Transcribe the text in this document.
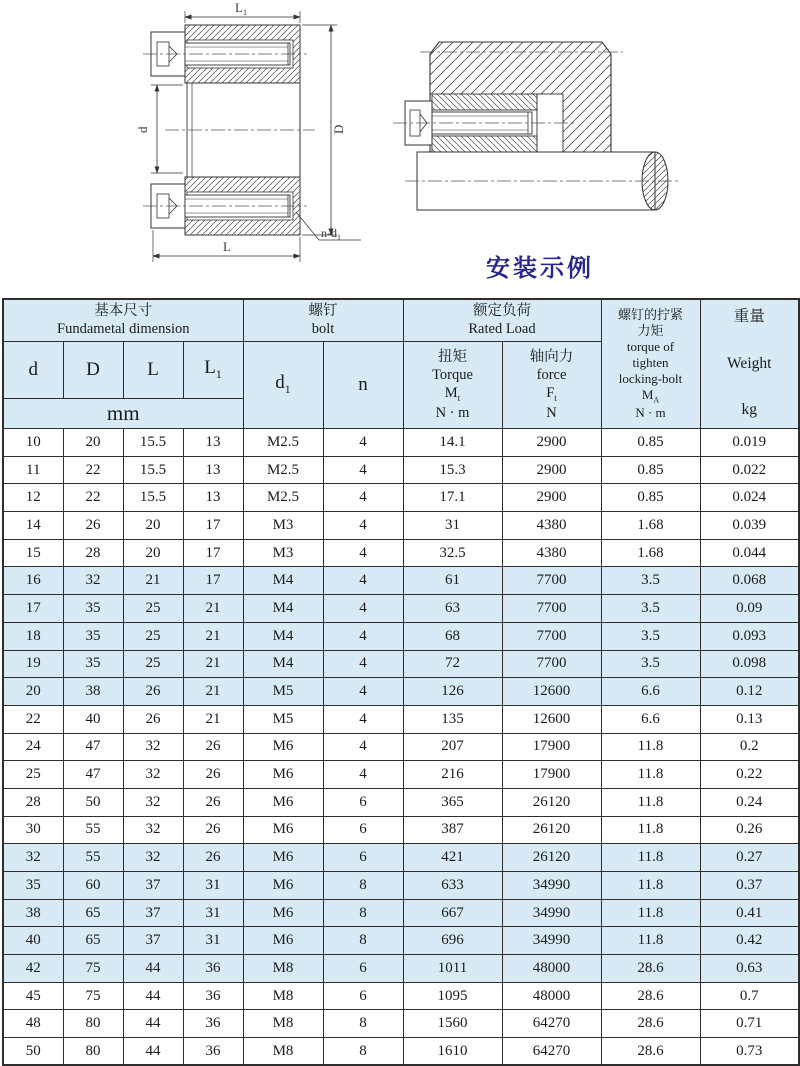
$L_1$
d	D
L
$n-d_1$
安装示例
基本尺寸
Fundametal dimension

螺钉
bolt

额定负荷
Rated Load

螺钉的拧紧
力矩
torque of
tighten
locking-bolt
$M_A$
N · m

重量
Weight
kg

d	D	L	$L_1$	$d_1$	n	
扭矩
Torque
$M_t$
N · m

轴向力
force
$F_t$
N

mm									
10	20	15.5	13	M2.5	4	14.1	2900	0.85	0.019
11	22	15.5	13	M2.5	4	15.3	2900	0.85	0.022
12	22	15.5	13	M2.5	4	17.1	2900	0.85	0.024
14	26	20	17	M3	4	31	4380	1.68	0.039
15	28	20	17	M3	4	32.5	4380	1.68	0.044
16	32	21	17	M4	4	61	7700	3.5	0.068
17	35	25	21	M4	4	63	7700	3.5	0.09
18	35	25	21	M4	4	68	7700	3.5	0.093
19	35	25	21	M4	4	72	7700	3.5	0.098
20	38	26	21	M5	4	126	12600	6.6	0.12
22	40	26	21	M5	4	135	12600	6.6	0.13
24	47	32	26	M6	4	207	17900	11.8	0.2
25	47	32	26	M6	4	216	17900	11.8	0.22
28	50	32	26	M6	6	365	26120	11.8	0.24
30	55	32	26	M6	6	387	26120	11.8	0.26
32	55	32	26	M6	6	421	26120	11.8	0.27
35	60	37	31	M6	8	633	34990	11.8	0.37
38	65	37	31	M6	8	667	34990	11.8	0.41
40	65	37	31	M6	8	696	34990	11.8	0.42
42	75	44	36	M8	6	1011	48000	28.6	0.63
45	75	44	36	M8	6	1095	48000	28.6	0.7
48	80	44	36	M8	8	1560	64270	28.6	0.71
50	80	44	36	M8	8	1610	64270	28.6	0.73
